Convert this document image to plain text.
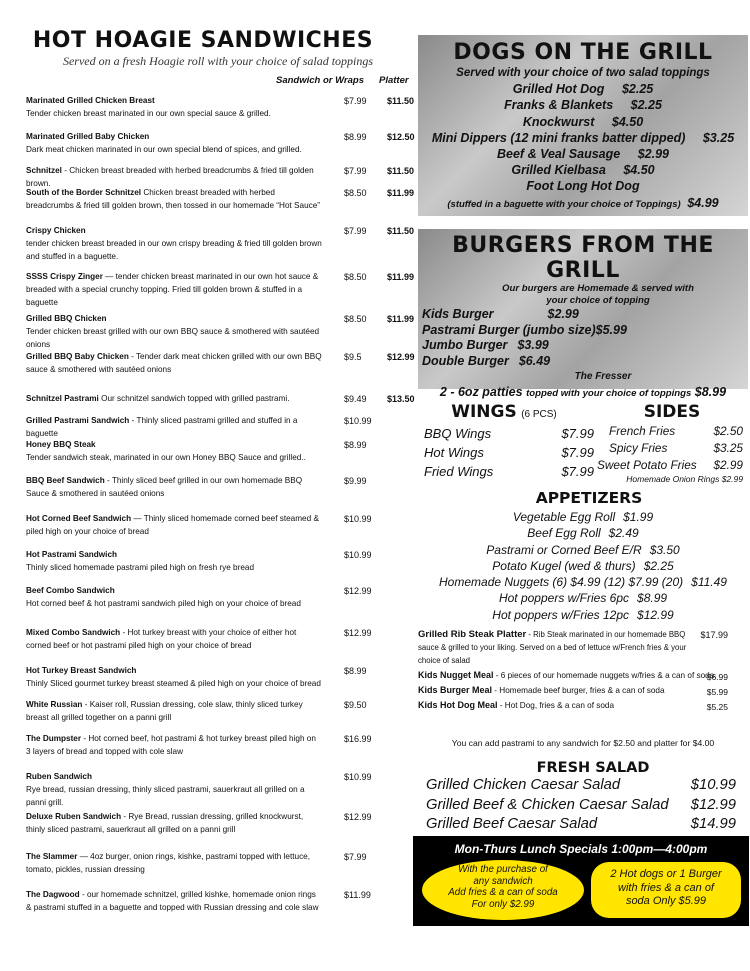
HOT HOAGIE SANDWICHES
Served on a fresh Hoagie roll with your choice of salad toppings
Sandwich or Wraps Platter
Marinated Grilled Chicken Breast
Tender chicken breast marinated in our own special sauce & grilled.
$7.99 $11.50
Marinated Grilled Baby Chicken
Dark meat chicken marinated in our own special blend of spices, and grilled.
$8.99 $12.50
Schnitzel - Chicken breast breaded with herbed breadcrumbs & fried till golden brown.
$7.99 $11.50
South of the Border Schnitzel Chicken breast breaded with herbed breadcrumbs & fried till golden brown, then tossed in our homemade “Hot Sauce”
$8.50 $11.99
Crispy Chicken
tender chicken breast breaded in our own crispy breading & fried till golden brown and stuffed in a baguette.
$7.99 $11.50
SSSS Crispy Zinger — tender chicken breast marinated in our own hot sauce & breaded with a special crunchy topping. Fried till golden brown & stuffed in a baguette
$8.50 $11.99
Grilled BBQ Chicken
Tender chicken breast grilled with our own BBQ sauce & smothered with sautéed onions
$8.50 $11.99
Grilled BBQ Baby Chicken - Tender dark meat chicken grilled with our own BBQ sauce & smothered with sautéed onions
$9.5	$12.99
Schnitzel Pastrami Our schnitzel sandwich topped with grilled pastrami.	$9.49 $13.50
Grilled Pastrami Sandwich - Thinly sliced pastrami grilled and stuffed in a baguette
$10.99
Honey BBQ Steak
Tender sandwich steak, marinated in our own Honey BBQ Sauce and grilled..
$8.99
BBQ Beef Sandwich - Thinly sliced beef grilled in our own homemade BBQ Sauce & smothered in sautéed onions
$9.99
Hot Corned Beef Sandwich — Thinly sliced homemade corned beef steamed & piled high on your choice of bread
$10.99
Hot Pastrami Sandwich
Thinly sliced homemade pastrami piled high on fresh rye bread
$10.99
Beef Combo Sandwich
Hot corned beef & hot pastrami sandwich piled high on your choice of bread
$12.99
Mixed Combo Sandwich - Hot turkey breast with your choice of either hot corned beef or hot pastrami piled high on your choice of bread
$12.99
Hot Turkey Breast Sandwich
Thinly Sliced gourmet turkey breast steamed & piled high on your choice of bread
$8.99
White Russian - Kaiser roll, Russian dressing, cole slaw, thinly sliced turkey breast all grilled together on a panni grill
$9.50
The Dumpster - Hot corned beef, hot pastrami & hot turkey breast piled high on 3 layers of bread and topped with cole slaw
$16.99
Ruben Sandwich
Rye bread, russian dressing, thinly sliced pastrami, sauerkraut all grilled on a panni grill.
$10.99
Deluxe Ruben Sandwich - Rye Bread, russian dressing, grilled knockwurst, thinly sliced pastrami, sauerkraut all grilled on a panni grill
$12.99
The Slammer — 4oz burger, onion rings, kishke, pastrami topped with lettuce, tomato, pickles, russian dressing
$7.99
The Dagwood - our homemade schnitzel, grilled kishke, homemade onion rings & pastrami stuffed in a baguette and topped with Russian dressing and cole slaw
$11.99
DOGS ON THE GRILL
Served with your choice of two salad toppings
Grilled Hot Dog $2.25
Franks & Blankets $2.25
Knockwurst $4.50
Mini Dippers (12 mini franks batter dipped) $3.25
Beef & Veal Sausage $2.99
Grilled Kielbasa $4.50
Foot Long Hot Dog
(stuffed in a baguette with your choice of Toppings) $4.99
BURGERS FROM THE GRILL
Our burgers are Homemade & served with
your choice of topping
Kids Burger	$2.99
Pastrami Burger (jumbo size)$5.99
Jumbo Burger $3.99
Double Burger $6.49
The Fresser
2 - 6oz patties topped with your choice of toppings $8.99
WINGS (6 PCS)
BBQ Wings	$7.99
Hot Wings	$7.99
Fried Wings	$7.99
SIDES
French Fries	$2.50
Spicy Fries	$3.25
Sweet Potato Fries $2.99
Homemade Onion Rings $2.99
APPETIZERS
Vegetable Egg Roll $1.99
Beef Egg Roll $2.49
Pastrami or Corned Beef E/R $3.50
Potato Kugel (wed & thurs) $2.25
Homemade Nuggets (6) $4.99 (12) $7.99 (20) $11.49
Hot poppers w/Fries 6pc $8.99
Hot poppers w/Fries 12pc $12.99
Grilled Rib Steak Platter - Rib Steak marinated in our homemade BBQ sauce & grilled to your liking. Served on a bed of lettuce w/French fries & your choice of salad
$17.99
Kids Nugget Meal - 6 pieces of our homemade nuggets w/fries & a can of soda
$6.99
Kids Burger Meal - Homemade beef burger, fries & a can of soda	$5.99
Kids Hot Dog Meal - Hot Dog, fries & a can of soda	$5.25
You can add pastrami to any sandwich for $2.50 and platter for $4.00
FRESH SALAD
Grilled Chicken Caesar Salad	$10.99
Grilled Beef & Chicken Caesar Salad $12.99
Grilled Beef Caesar Salad	$14.99
Mon-Thurs Lunch Specials 1:00pm—4:00pm
With the purchase of
any sandwich
Add fries & a can of soda
For only $2.99
2 Hot dogs or 1 Burger
with fries & a can of
soda Only $5.99
